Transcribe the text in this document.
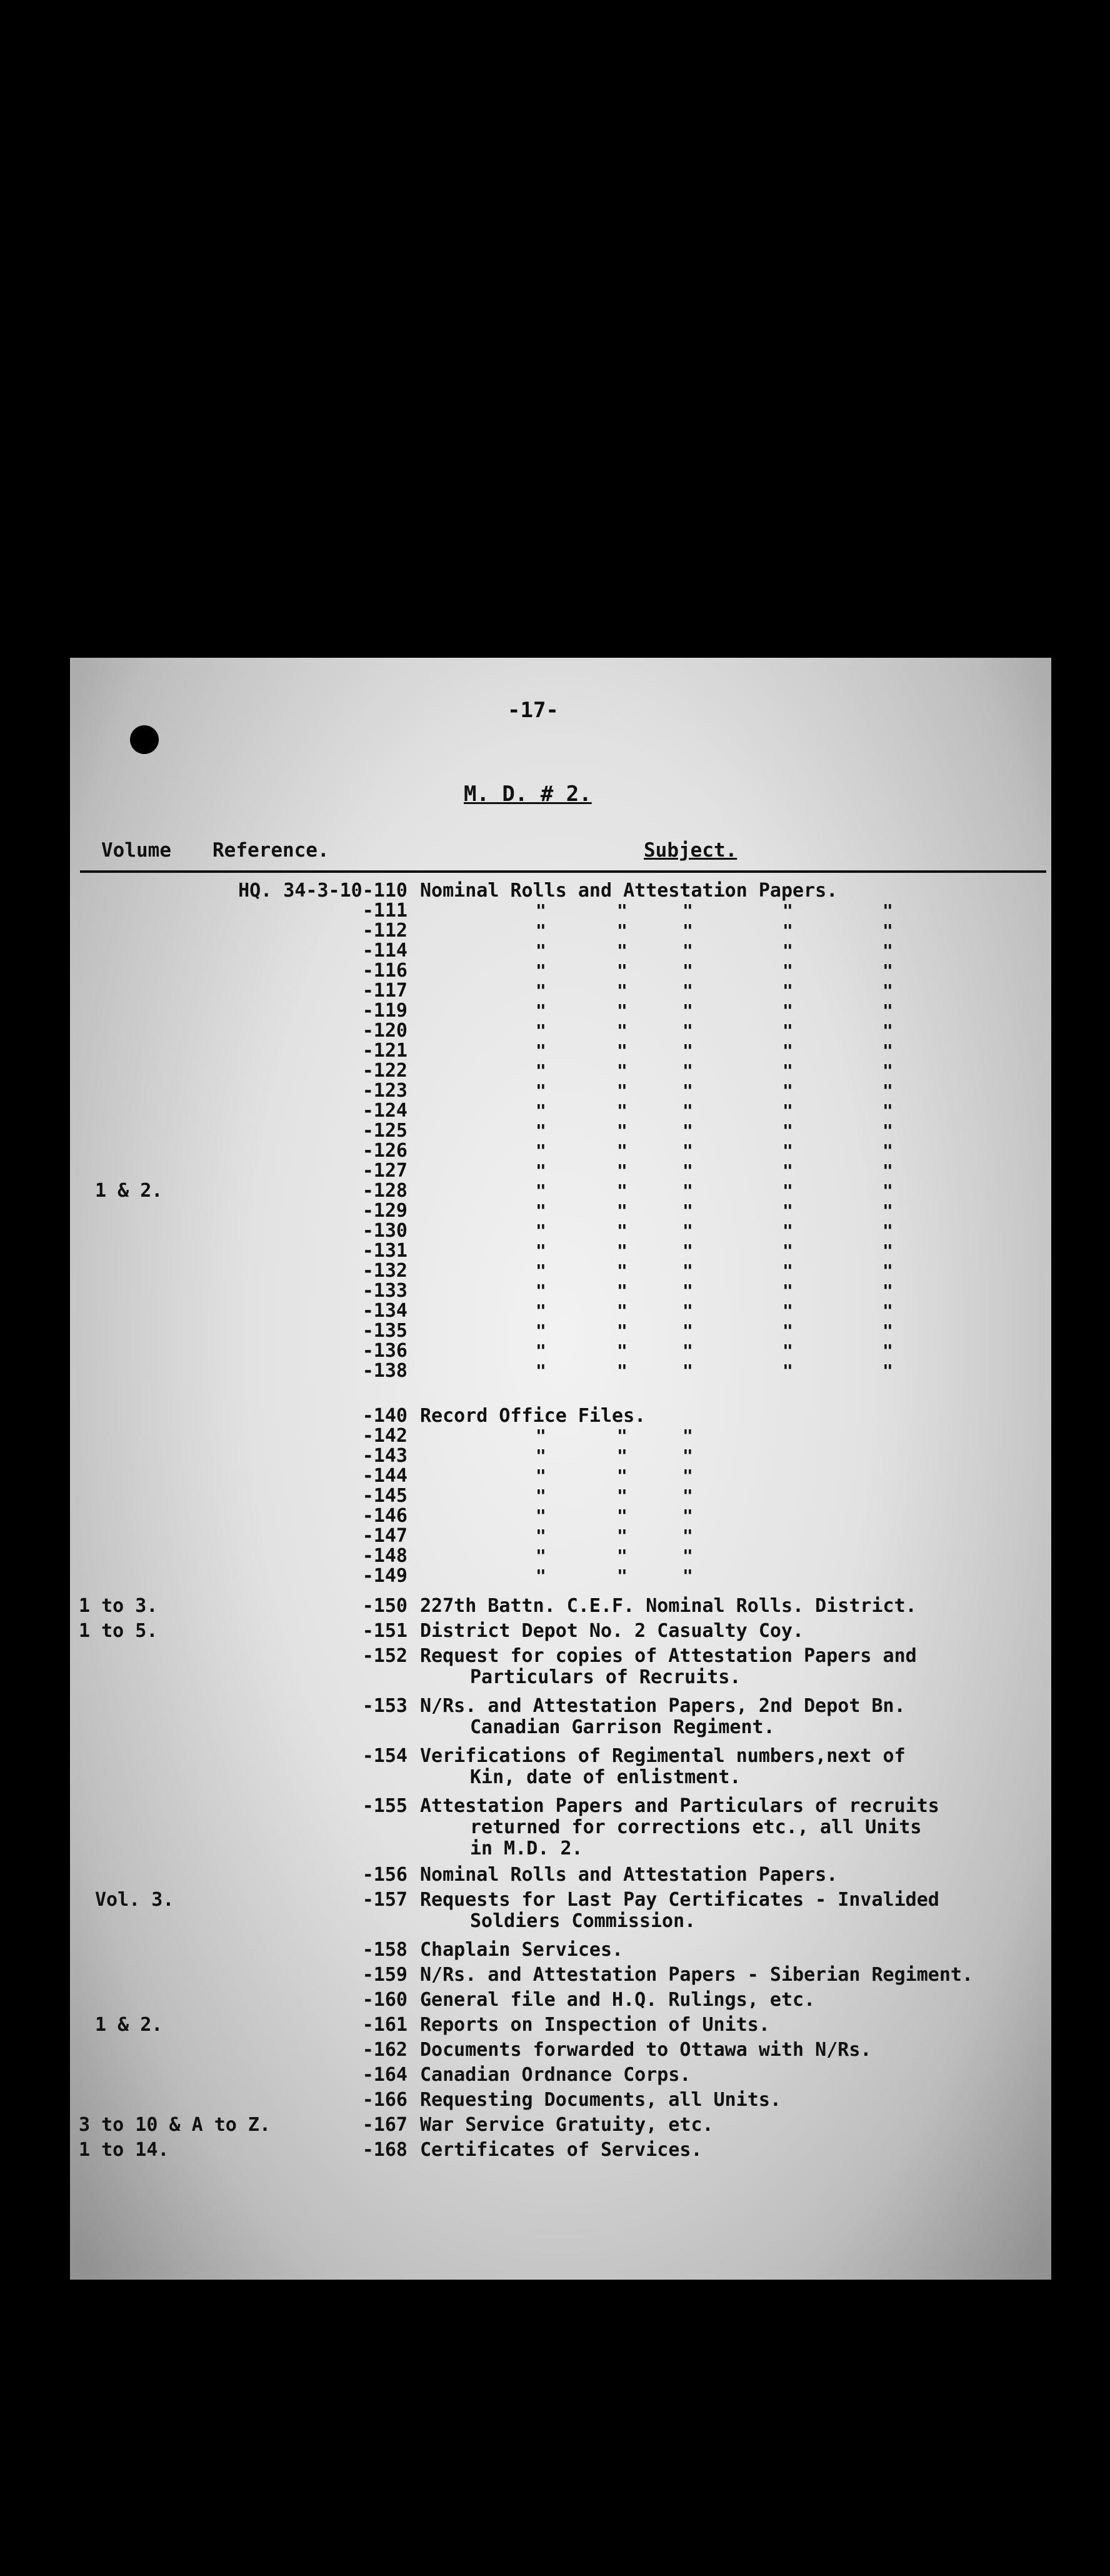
-17-
M. D. # 2.
Volume Reference.	Subject.
HQ. 34-3-10-110 Nominal Rolls and Attestation Papers.
-111	"	"	"	"	"
-112	"	"	"	"	"
-114	"	"	"	"	"
-116	"	"	"	"	"
-117	"	"	"	"	"
-119	"	"	"	"	"
-120	"	"	"	"	"
-121	"	"	"	"	"
-122	"	"	"	"	"
-123	"	"	"	"	"
-124	"	"	"	"	"
-125	"	"	"	"	"
-126	"	"	"	"	"
-127	"	"	"	"	"
1 & 2.	-128	"	"	"	"	"
-129	"	"	"	"	"
-130	"	"	"	"	"
-131	"	"	"	"	"
-132	"	"	"	"	"
-133	"	"	"	"	"
-134	"	"	"	"	"
-135	"	"	"	"	"
-136	"	"	"	"	"
-138	"	"	"	"	"
-140 Record Office Files.
-142	"	"	"
-143	"	"	"
-144	"	"	"
-145	"	"	"
-146	"	"	"
-147	"	"	"
-148	"	"	"
-149	"	"	"
1 to 3.	-150 227th Battn. C.E.F. Nominal Rolls. District.
1 to 5.	-151 District Depot No. 2 Casualty Coy.
-152 Request for copies of Attestation Papers and
Particulars of Recruits.
-153 N/Rs. and Attestation Papers, 2nd Depot Bn.
Canadian Garrison Regiment.
-154 Verifications of Regimental numbers,next of
Kin, date of enlistment.
-155 Attestation Papers and Particulars of recruits
returned for corrections etc., all Units
in M.D. 2.
-156 Nominal Rolls and Attestation Papers.
Vol. 3.	-157 Requests for Last Pay Certificates - Invalided
Soldiers Commission.
-158 Chaplain Services.
-159 N/Rs. and Attestation Papers - Siberian Regiment.
-160 General file and H.Q. Rulings, etc.
1 & 2.	-161 Reports on Inspection of Units.
-162 Documents forwarded to Ottawa with N/Rs.
-164 Canadian Ordnance Corps.
-166 Requesting Documents, all Units.
3 to 10 & A to Z.	-167 War Service Gratuity, etc.
1 to 14.	-168 Certificates of Services.
